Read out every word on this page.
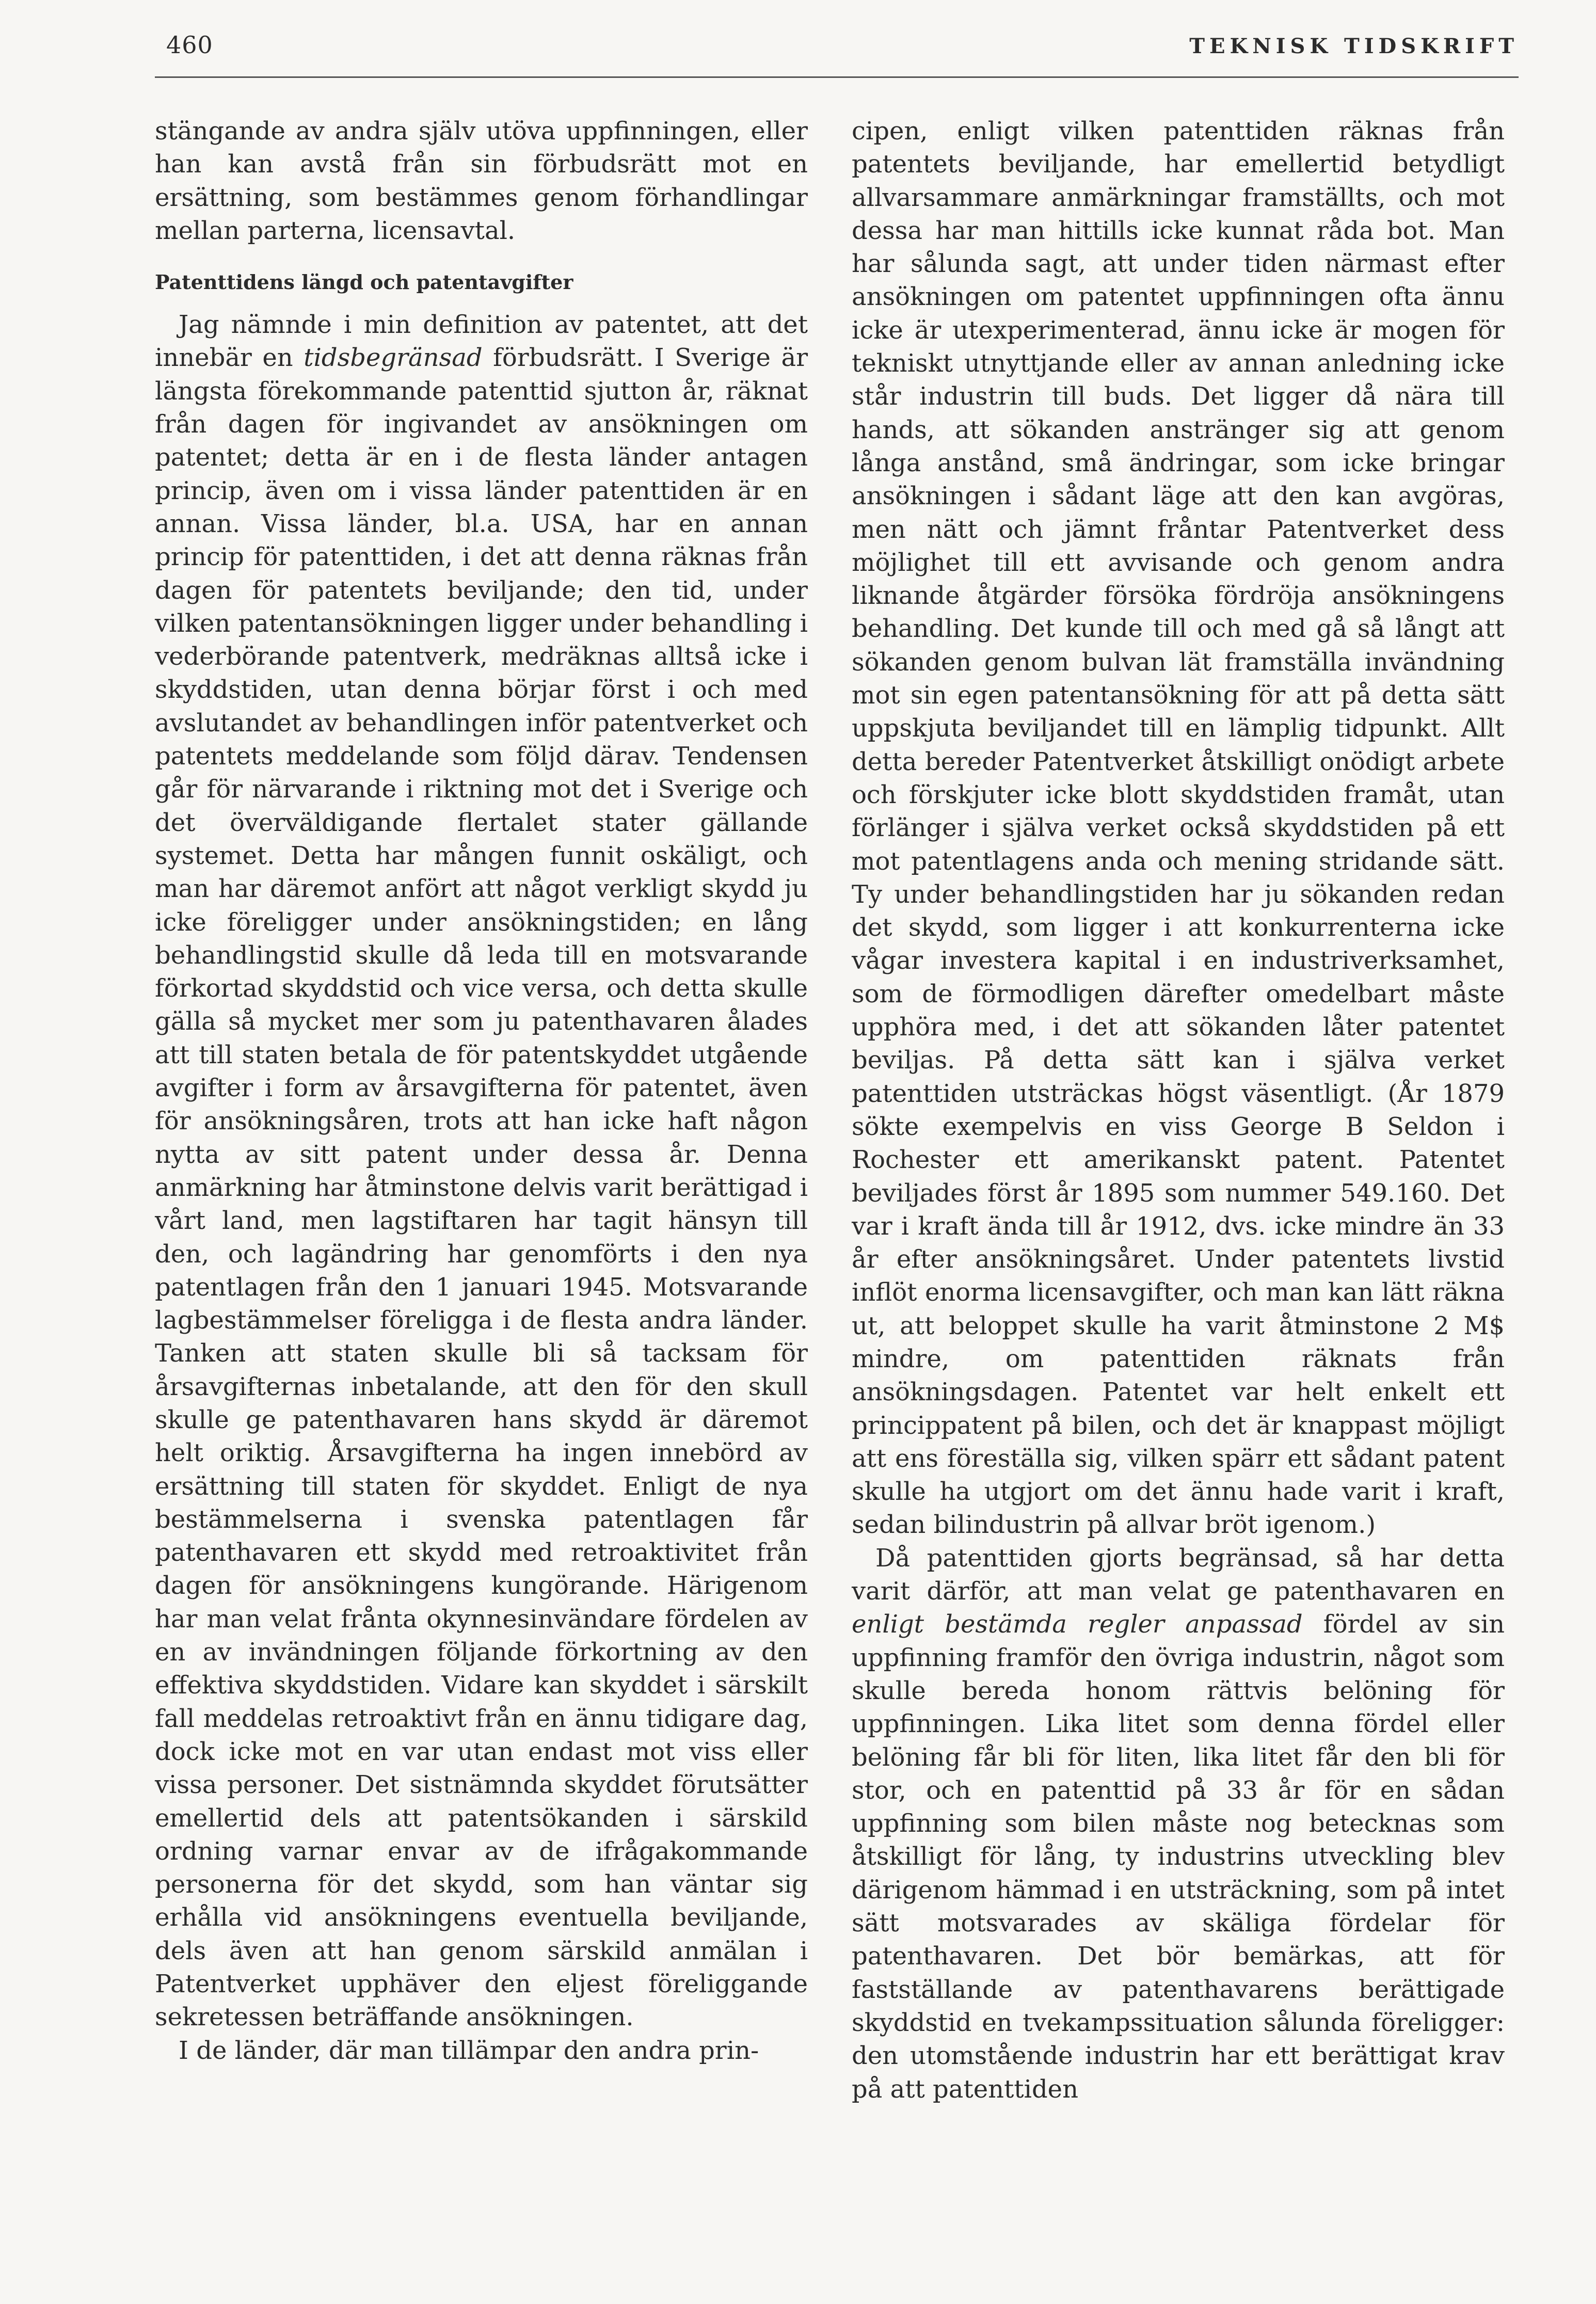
460	TEKNISK TIDSKRIFT

stängande av andra själv utöva uppfinningen, eller han kan avstå från sin förbudsrätt mot en ersättning, som bestämmes genom förhandlingar mellan parterna, licensavtal.

Patenttidens längd och patentavgifter

Jag nämnde i min definition av patentet, att det innebär en tidsbegränsad förbudsrätt. I Sverige är längsta förekommande patenttid sjutton år, räknat från dagen för ingivandet av ansökningen om patentet; detta är en i de flesta länder antagen princip, även om i vissa länder patenttiden är en annan. Vissa länder, bl.a. USA, har en annan princip för patenttiden, i det att denna räknas från dagen för patentets beviljande; den tid, under vilken patentansökningen ligger under behandling i vederbörande patentverk, medräknas alltså icke i skyddstiden, utan denna börjar först i och med avslutandet av behandlingen inför patentverket och patentets meddelande som följd därav. Tendensen går för närvarande i riktning mot det i Sverige och det överväldigande flertalet stater gällande systemet. Detta har mången funnit oskäligt, och man har däremot anfört att något verkligt skydd ju icke föreligger under ansökningstiden; en lång behandlingstid skulle då leda till en motsvarande förkortad skyddstid och vice versa, och detta skulle gälla så mycket mer som ju patenthavaren ålades att till staten betala de för patentskyddet utgående avgifter i form av årsavgifterna för patentet, även för ansökningsåren, trots att han icke haft någon nytta av sitt patent under dessa år. Denna anmärkning har åtminstone delvis varit berättigad i vårt land, men lagstiftaren har tagit hänsyn till den, och lagändring har genomförts i den nya patentlagen från den 1 januari 1945. Motsvarande lagbestämmelser föreligga i de flesta andra länder. Tanken att staten skulle bli så tacksam för årsavgifternas inbetalande, att den för den skull skulle ge patenthavaren hans skydd är däremot helt oriktig. Årsavgifterna ha ingen innebörd av ersättning till staten för skyddet. Enligt de nya bestämmelserna i svenska patentlagen får patenthavaren ett skydd med retroaktivitet från dagen för ansökningens kungörande. Härigenom har man velat frånta okynnesinvändare fördelen av en av invändningen följande förkortning av den effektiva skyddstiden. Vidare kan skyddet i särskilt fall meddelas retroaktivt från en ännu tidigare dag, dock icke mot en var utan endast mot viss eller vissa personer. Det sistnämnda skyddet förutsätter emellertid dels att patentsökanden i särskild ordning varnar envar av de ifrågakommande personerna för det skydd, som han väntar sig erhålla vid ansökningens eventuella beviljande, dels även att han genom särskild anmälan i Patentverket upphäver den eljest föreliggande sekretessen beträffande ansökningen.

I de länder, där man tillämpar den andra prin-

cipen, enligt vilken patenttiden räknas från patentets beviljande, har emellertid betydligt allvarsammare anmärkningar framställts, och mot dessa har man hittills icke kunnat råda bot. Man har sålunda sagt, att under tiden närmast efter ansökningen om patentet uppfinningen ofta ännu icke är utexperimenterad, ännu icke är mogen för tekniskt utnyttjande eller av annan anledning icke står industrin till buds. Det ligger då nära till hands, att sökanden anstränger sig att genom långa anstånd, små ändringar, som icke bringar ansökningen i sådant läge att den kan avgöras, men nätt och jämnt fråntar Patentverket dess möjlighet till ett avvisande och genom andra liknande åtgärder försöka fördröja ansökningens behandling. Det kunde till och med gå så långt att sökanden genom bulvan lät framställa invändning mot sin egen patentansökning för att på detta sätt uppskjuta beviljandet till en lämplig tidpunkt. Allt detta bereder Patentverket åtskilligt onödigt arbete och förskjuter icke blott skyddstiden framåt, utan förlänger i själva verket också skyddstiden på ett mot patentlagens anda och mening stridande sätt. Ty under behandlingstiden har ju sökanden redan det skydd, som ligger i att konkurrenterna icke vågar investera kapital i en industriverksamhet, som de förmodligen därefter omedelbart måste upphöra med, i det att sökanden låter patentet beviljas. På detta sätt kan i själva verket patenttiden utsträckas högst väsentligt. (År 1879 sökte exempelvis en viss George B Seldon i Rochester ett amerikanskt patent. Patentet beviljades först år 1895 som nummer 549.160. Det var i kraft ända till år 1912, dvs. icke mindre än 33 år efter ansökningsåret. Under patentets livstid inflöt enorma licensavgifter, och man kan lätt räkna ut, att beloppet skulle ha varit åtminstone 2 M$ mindre, om patenttiden räknats från ansökningsdagen. Patentet var helt enkelt ett princippatent på bilen, och det är knappast möjligt att ens föreställa sig, vilken spärr ett sådant patent skulle ha utgjort om det ännu hade varit i kraft, sedan bilindustrin på allvar bröt igenom.)

Då patenttiden gjorts begränsad, så har detta varit därför, att man velat ge patenthavaren en enligt bestämda regler anpassad fördel av sin uppfinning framför den övriga industrin, något som skulle bereda honom rättvis belöning för uppfinningen. Lika litet som denna fördel eller belöning får bli för liten, lika litet får den bli för stor, och en patenttid på 33 år för en sådan uppfinning som bilen måste nog betecknas som åtskilligt för lång, ty industrins utveckling blev därigenom hämmad i en utsträckning, som på intet sätt motsvarades av skäliga fördelar för patenthavaren. Det bör bemärkas, att för fastställande av patenthavarens berättigade skyddstid en tvekampssituation sålunda föreligger: den utomstående industrin har ett berättigat krav på att patenttiden
